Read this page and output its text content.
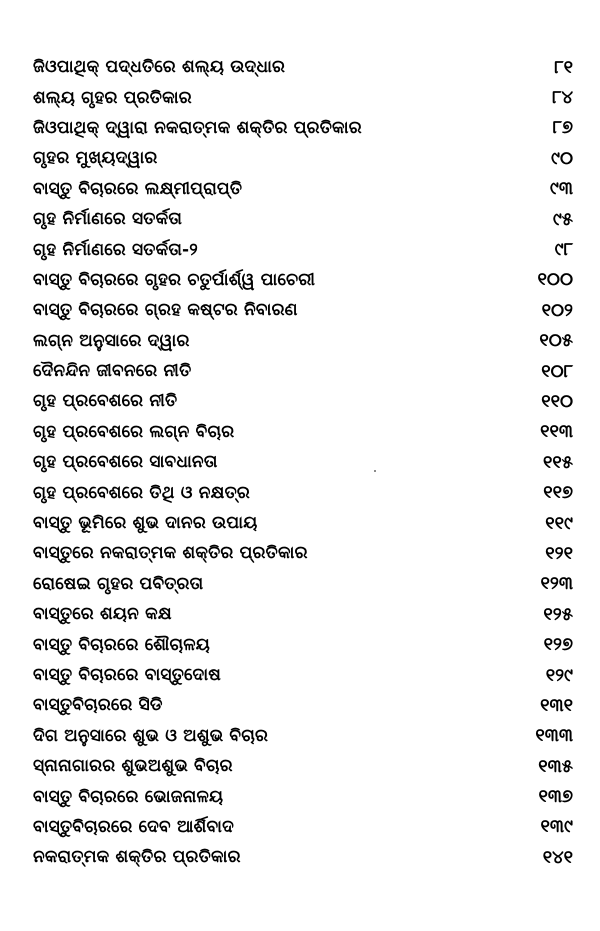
ଜିଓପାଥିକ୍ ପଦ୍ଧତିରେ ଶଲ୍ୟ ଉଦ୍ଧାର	୮୧
ଶଲ୍ୟ ଗୃହର ପ୍ରତିକାର	୮୪
ଜିଓପାଥିକ୍ ଦ୍ୱାରା ନକରାତ୍ମକ ଶକ୍ତିର ପ୍ରତିକାର	୮୭
ଗୃହର ମୁଖ୍ୟଦ୍ୱାର	୯୦
ବାସ୍ତୁ ବିଚାରରେ ଲକ୍ଷ୍ମୀପ୍ରାପ୍ତି	୯୩
ଗୃହ ନିର୍ମାଣରେ ସତର୍କତା	୯୫
ଗୃହ ନିର୍ମାଣରେ ସତର୍କତା-୨	୯୮
ବାସ୍ତୁ ବିଚାରରେ ଗୃହର ଚତୁର୍ପାର୍ଶ୍ୱ ପାଚେରୀ	୧୦୦
ବାସ୍ତୁ ବିଚାରରେ ଗ୍ରହ କଷ୍ଟର ନିବାରଣ	୧୦୨
ଲଗ୍ନ ଅନୁସାରେ ଦ୍ୱାର	୧୦୫
ଦୈନନ୍ଦିନ ଜୀବନରେ ନୀତି	୧୦୮
ଗୃହ ପ୍ରବେଶରେ ନୀତି	୧୧୦
ଗୃହ ପ୍ରବେଶରେ ଲଗ୍ନ ବିଚାର	୧୧୩
ଗୃହ ପ୍ରବେଶରେ ସାବଧାନତା	୧୧୫
ଗୃହ ପ୍ରବେଶରେ ତିଥି ଓ ନକ୍ଷତ୍ର	୧୧୭
ବାସ୍ତୁ ଭୂମିରେ ଶୁଭ ଦାନର ଉପାୟ	୧୧୯
ବାସ୍ତୁରେ ନକରାତ୍ମକ ଶକ୍ତିର ପ୍ରତିକାର	୧୨୧
ରୋଷେଇ ଗୃହର ପବିତ୍ରତା	୧୨୩
ବାସ୍ତୁରେ ଶୟନ କକ୍ଷ	୧୨୫
ବାସ୍ତୁ ବିଚାରରେ ଶୌଚାଳୟ	୧୨୭
ବାସ୍ତୁ ବିଚାରରେ ବାସ୍ତୁଦୋଷ	୧୨୯
ବାସ୍ତୁବିଚାରରେ ସିଡି	୧୩୧
ଦିଗ ଅନୁସାରେ ଶୁଭ ଓ ଅଶୁଭ ବିଚାର	୧୩୩
ସ୍ନାନାଗାରର ଶୁଭଅଶୁଭ ବିଚାର	୧୩୫
ବାସ୍ତୁ ବିଚାରରେ ଭୋଜନାଳୟ	୧୩୭
ବାସ୍ତୁବିଚାରରେ ଦେବ ଆର୍ଶିବାଦ	୧୩୯
ନକରାତ୍ମକ ଶକ୍ତିର ପ୍ରତିକାର	୧୪୧
